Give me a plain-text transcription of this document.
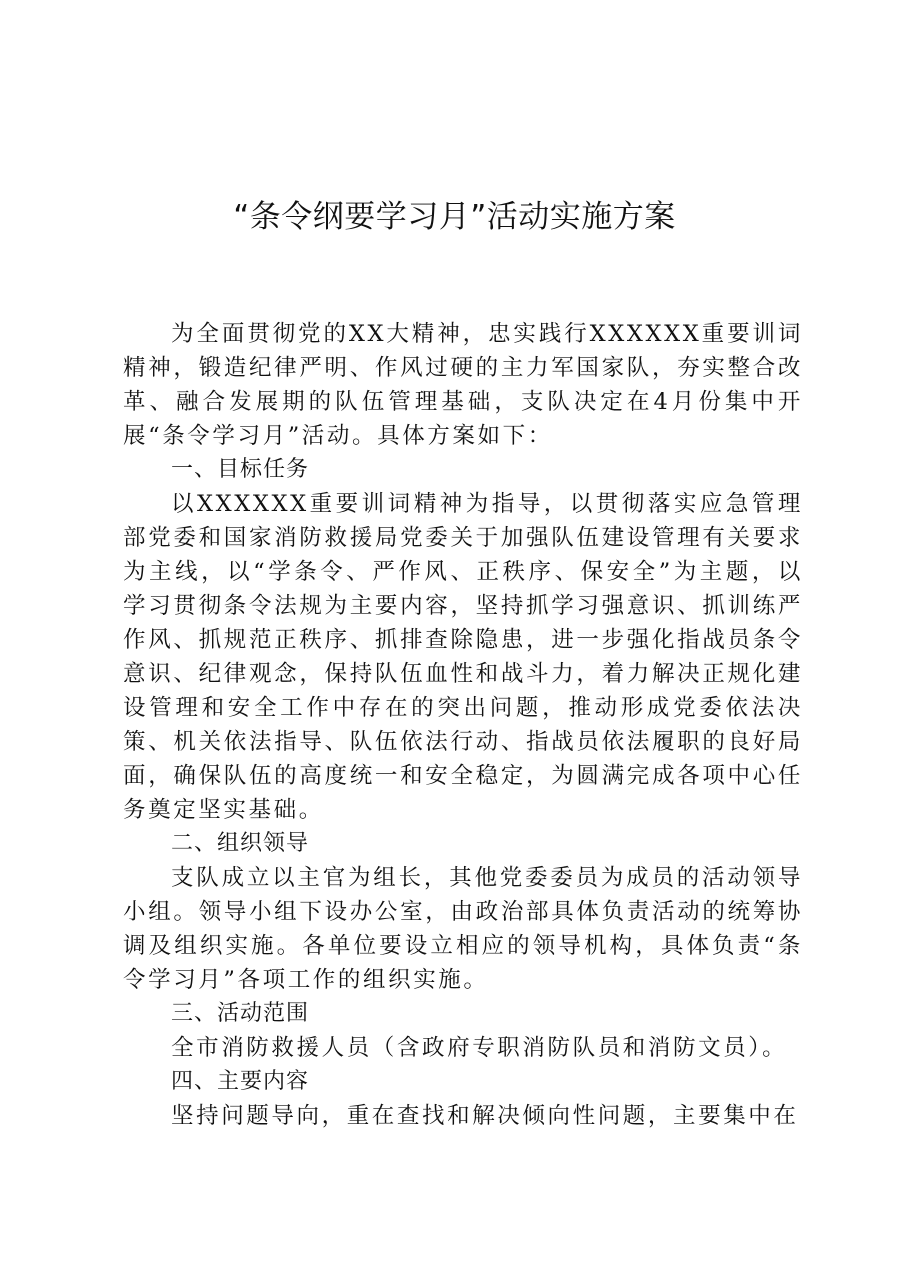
“条令纲要学习月”活动实施方案

为全面贯彻党的XX大精神，忠实践行XXXXXX重要训词精神，锻造纪律严明、作风过硬的主力军国家队，夯实整合改革、融合发展期的队伍管理基础，支队决定在4月份集中开展“条令学习月”活动。具体方案如下：

一、目标任务

以XXXXXX重要训词精神为指导，以贯彻落实应急管理部党委和国家消防救援局党委关于加强队伍建设管理有关要求为主线，以“学条令、严作风、正秩序、保安全”为主题，以学习贯彻条令法规为主要内容，坚持抓学习强意识、抓训练严作风、抓规范正秩序、抓排查除隐患，进一步强化指战员条令意识、纪律观念，保持队伍血性和战斗力，着力解决正规化建设管理和安全工作中存在的突出问题，推动形成党委依法决策、机关依法指导、队伍依法行动、指战员依法履职的良好局面，确保队伍的高度统一和安全稳定，为圆满完成各项中心任务奠定坚实基础。

二、组织领导

支队成立以主官为组长，其他党委委员为成员的活动领导小组。领导小组下设办公室，由政治部具体负责活动的统筹协调及组织实施。各单位要设立相应的领导机构，具体负责“条令学习月”各项工作的组织实施。

三、活动范围

全市消防救援人员（含政府专职消防队员和消防文员）。

四、主要内容

坚持问题导向，重在查找和解决倾向性问题，主要集中在
